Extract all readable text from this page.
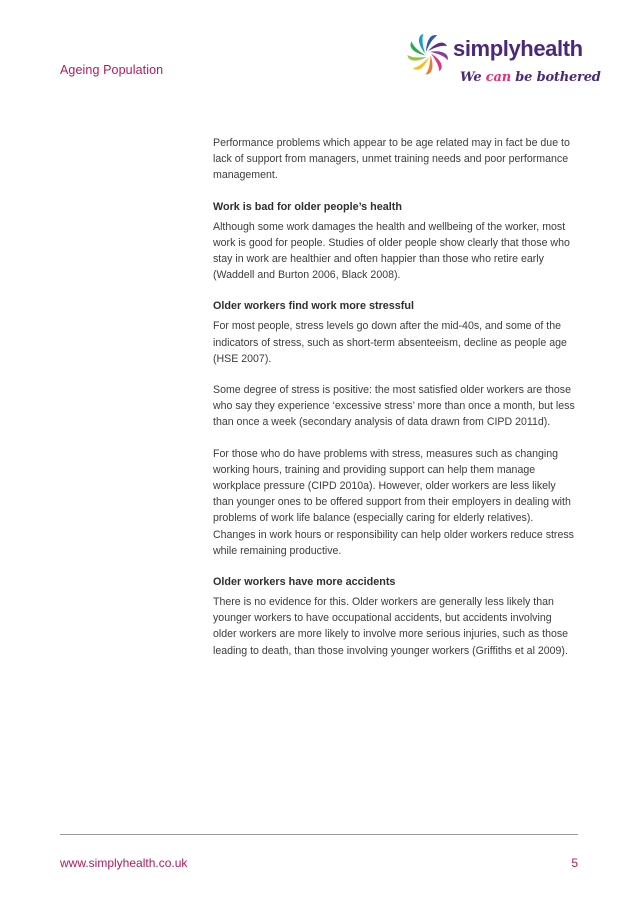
Ageing Population
simplyhealth
We can be bothered

Performance problems which appear to be age related may in fact be due to lack of support from managers, unmet training needs and poor performance management.

Work is bad for older people’s health

Although some work damages the health and wellbeing of the worker, most work is good for people. Studies of older people show clearly that those who stay in work are healthier and often happier than those who retire early (Waddell and Burton 2006, Black 2008).

Older workers find work more stressful

For most people, stress levels go down after the mid-40s, and some of the indicators of stress, such as short-term absenteeism, decline as people age (HSE 2007).

Some degree of stress is positive: the most satisfied older workers are those who say they experience ‘excessive stress’ more than once a month, but less than once a week (secondary analysis of data drawn from CIPD 2011d).

For those who do have problems with stress, measures such as changing working hours, training and providing support can help them manage workplace pressure (CIPD 2010a). However, older workers are less likely than younger ones to be offered support from their employers in dealing with problems of work life balance (especially caring for elderly relatives). Changes in work hours or responsibility can help older workers reduce stress while remaining productive.

Older workers have more accidents

There is no evidence for this. Older workers are generally less likely than younger workers to have occupational accidents, but accidents involving older workers are more likely to involve more serious injuries, such as those leading to death, than those involving younger workers (Griffiths et al 2009).

www.simplyhealth.co.uk	5
